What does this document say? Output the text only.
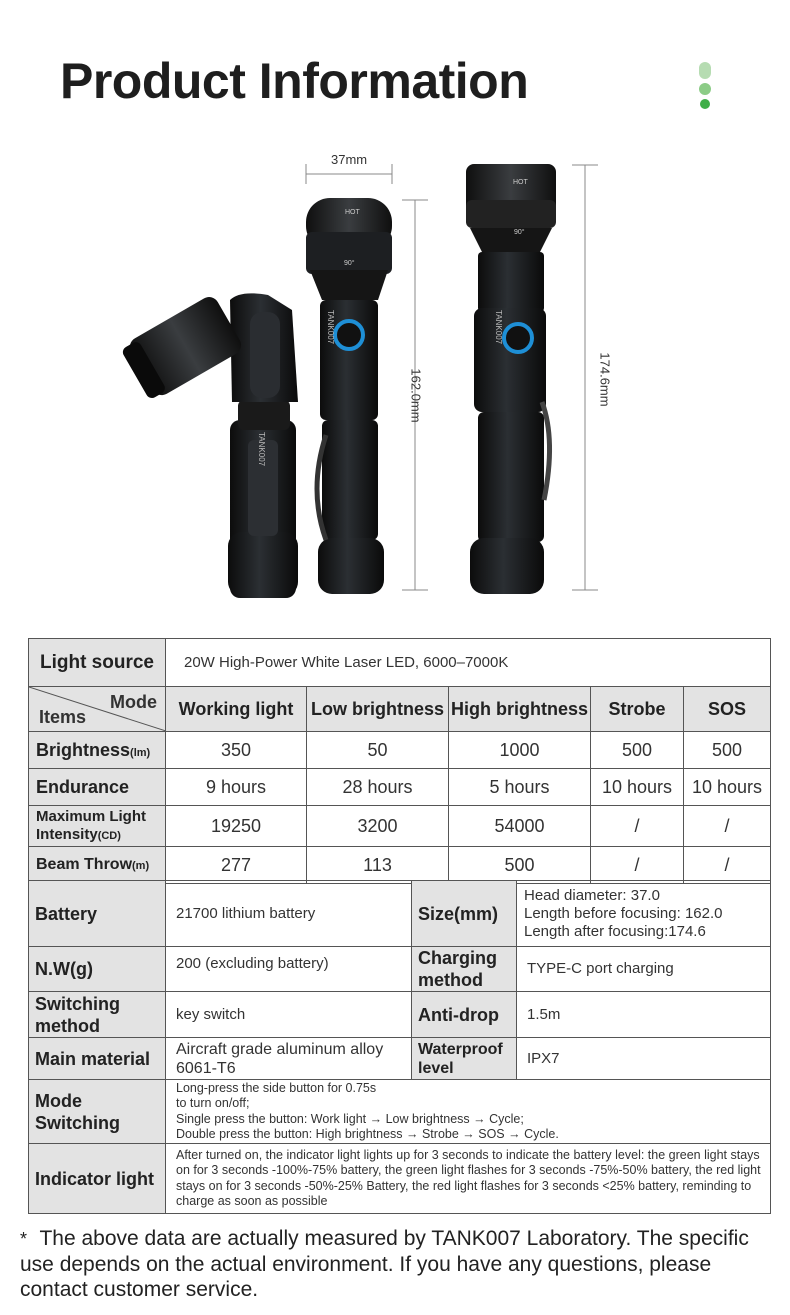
Product Information
TANK007
TANK007	TANK007
HOT
HOT
90°
90°
37mm
162.0mm	174.6mm
Light source	20W High-Power White Laser LED, 6000–7000K				

Mode
Items	Working light	Low brightness	High brightness	Strobe	SOS
Brightness(lm)	350	50	1000	500	500
Endurance	9 hours	28 hours	5 hours	10 hours	10 hours
Maximum Light Intensity(CD)	19250	3200	54000	/	/
Beam Throw(m)	277	113	500	/	/
Battery	21700 lithium battery	Size(mm)	Head diameter: 37.0
Length before focusing: 162.0
Length after focusing:174.6

N.W(g)	200 (excluding battery)	Charging method	TYPE-C port charging
Switching method	key switch	Anti-drop	1.5m
Main material	Aircraft grade aluminum alloy 6061-T6	Waterproof level	IPX7
Mode Switching	Long-press the side button for 0.75s
to turn on/off;
Single press the button: Work light → Low brightness → Cycle;
Double press the button: High brightness → Strobe → SOS → Cycle.		

Indicator light	After turned on, the indicator light lights up for 3 seconds to indicate the battery level: the green light stays on for 3 seconds -100%-75% battery, the green light flashes for 3 seconds -75%-50% battery, the red light stays on for 3 seconds -50%-25% Battery, the red light flashes for 3 seconds <25% battery, reminding to charge as soon as possible		
* The above data are actually measured by TANK007 Laboratory. The specific use depends on the actual environment. If you have any questions, please contact customer service.
